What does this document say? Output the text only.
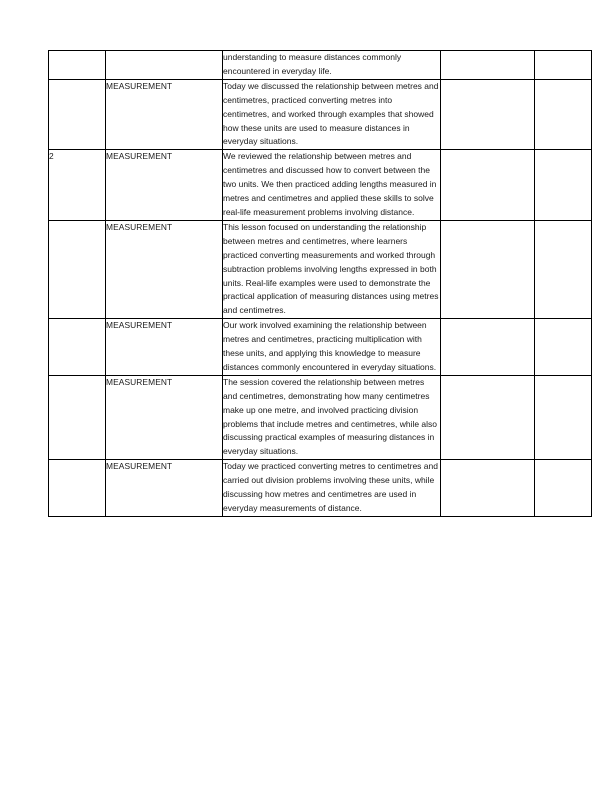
		understanding to measure distances commonly encountered in everyday life.		
	MEASUREMENT	Today we discussed the relationship between metres and centimetres, practiced converting metres into centimetres, and worked through examples that showed how these units are used to measure distances in everyday situations.		
2	MEASUREMENT	We reviewed the relationship between metres and centimetres and discussed how to convert between the two units. We then practiced adding lengths measured in metres and centimetres and applied these skills to solve real-life measurement problems involving distance.		
	MEASUREMENT	This lesson focused on understanding the relationship between metres and centimetres, where learners practiced converting measurements and worked through subtraction problems involving lengths expressed in both units. Real-life examples were used to demonstrate the practical application of measuring distances using metres and centimetres.		
	MEASUREMENT	Our work involved examining the relationship between metres and centimetres, practicing multiplication with these units, and applying this knowledge to measure distances commonly encountered in everyday situations.		
	MEASUREMENT	The session covered the relationship between metres and centimetres, demonstrating how many centimetres make up one metre, and involved practicing division problems that include metres and centimetres, while also discussing practical examples of measuring distances in everyday situations.		
	MEASUREMENT	Today we practiced converting metres to centimetres and carried out division problems involving these units, while discussing how metres and centimetres are used in everyday measurements of distance.		
